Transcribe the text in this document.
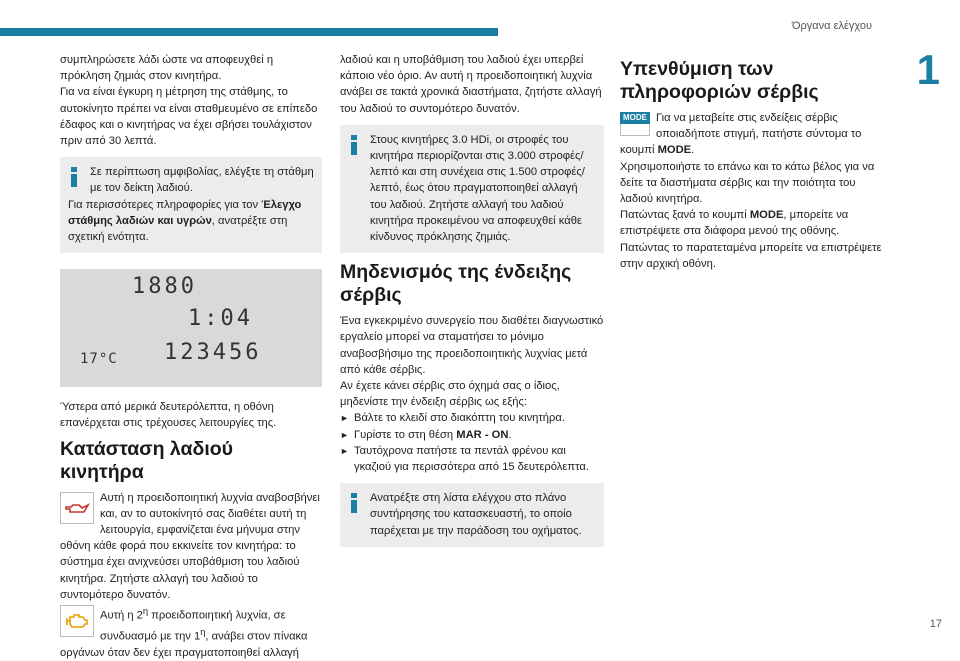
Όργανα ελέγχου
1
17

συμπληρώσετε λάδι ώστε να αποφευχθεί η πρόκληση ζημιάς στον κινητήρα.

Για να είναι έγκυρη η μέτρηση της στάθμης, το αυτοκίνητο πρέπει να είναι σταθμευμένο σε επίπεδο έδαφος και ο κινητήρας να έχει σβήσει τουλάχιστον πριν από 30 λεπτά.

Σε περίπτωση αμφιβολίας, ελέγξτε τη στάθμη με τον δείκτη λαδιού.

Για περισσότερες πληροφορίες για τον Έλεγχο στάθμης λαδιών και υγρών, ανατρέξτε στη σχετική ενότητα.

1880
1:04
17°C 123456

Ύστερα από μερικά δευτερόλεπτα, η οθόνη επανέρχεται στις τρέχουσες λειτουργίες της.

Κατάσταση λαδιού κινητήρα

Αυτή η προειδοποιητική λυχνία αναβοσβήνει και, αν το αυτοκίνητό σας διαθέτει αυτή τη λειτουργία, εμφανίζεται ένα μήνυμα στην οθόνη κάθε φορά που εκκινείτε τον κινητήρα: το σύστημα έχει ανιχνεύσει υποβάθμιση του λαδιού κινητήρα. Ζητήστε αλλαγή του λαδιού το συντομότερο δυνατόν.

Αυτή η $2^\eta$ προειδοποιητική λυχνία, σε συνδυασμό με την $1^\eta$, ανάβει στον πίνακα οργάνων όταν δεν έχει πραγματοποιηθεί αλλαγή

λαδιού και η υποβάθμιση του λαδιού έχει υπερβεί κάποιο νέο όριο. Αν αυτή η προειδοποιητική λυχνία ανάβει σε τακτά χρονικά διαστήματα, ζητήστε αλλαγή του λαδιού το συντομότερο δυνατόν.

Στους κινητήρες 3.0 HDi, οι στροφές του κινητήρα περιορίζονται στις 3.000 στροφές/λεπτό και στη συνέχεια στις 1.500 στροφές/λεπτό, έως ότου πραγματοποιηθεί αλλαγή του λαδιού. Ζητήστε αλλαγή του λαδιού κινητήρα προκειμένου να αποφευχθεί κάθε κίνδυνος πρόκλησης ζημιάς.

Μηδενισμός της ένδειξης σέρβις

Ένα εγκεκριμένο συνεργείο που διαθέτει διαγνωστικό εργαλείο μπορεί να σταματήσει το μόνιμο αναβοσβήσιμο της προειδοποιητικής λυχνίας μετά από κάθε σέρβις.

Αν έχετε κάνει σέρβις στο όχημά σας ο ίδιος, μηδενίστε την ένδειξη σέρβις ως εξής:

► Βάλτε το κλειδί στο διακόπτη του κινητήρα.
► Γυρίστε το στη θέση MAR - ON.
► Ταυτόχρονα πατήστε τα πεντάλ φρένου και γκαζιού για περισσότερα από 15 δευτερόλεπτα.

Ανατρέξτε στη λίστα ελέγχου στο πλάνο συντήρησης του κατασκευαστή, το οποίο παρέχεται με την παράδοση του οχήματος.

Υπενθύμιση των πληροφοριών σέρβις
MODE Για να μεταβείτε στις ενδείξεις σέρβις οποιαδήποτε στιγμή, πατήστε σύντομα το κουμπί MODE.

Χρησιμοποιήστε το επάνω και το κάτω βέλος για να δείτε τα διαστήματα σέρβις και την ποιότητα του λαδιού κινητήρα.

Πατώντας ξανά το κουμπί MODE, μπορείτε να επιστρέψετε στα διάφορα μενού της οθόνης.

Πατώντας το παρατεταμένα μπορείτε να επιστρέψετε στην αρχική οθόνη.
